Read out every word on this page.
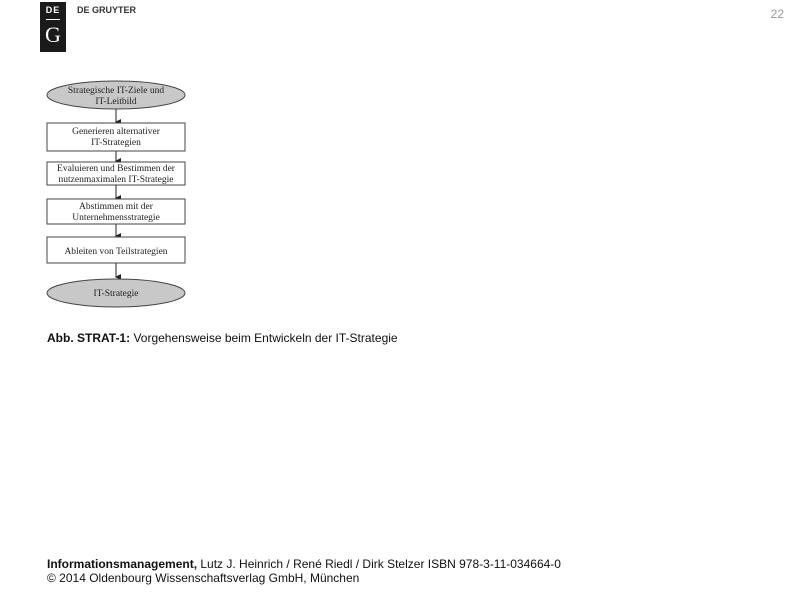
DE
G
DE GRUYTER	22
Strategische IT-Ziele und
IT-Leitbild
Generieren alternativer
IT-Strategien
Evaluieren und Bestimmen der
nutzenmaximalen IT-Strategie
Abstimmen mit der
Unternehmensstrategie
Ableiten von Teilstrategien
IT-Strategie
Abb. STRAT-1: Vorgehensweise beim Entwickeln der IT-Strategie
Informationsmanagement, Lutz J. Heinrich / René Riedl / Dirk Stelzer ISBN 978-3-11-034664-0
© 2014 Oldenbourg Wissenschaftsverlag GmbH, München
